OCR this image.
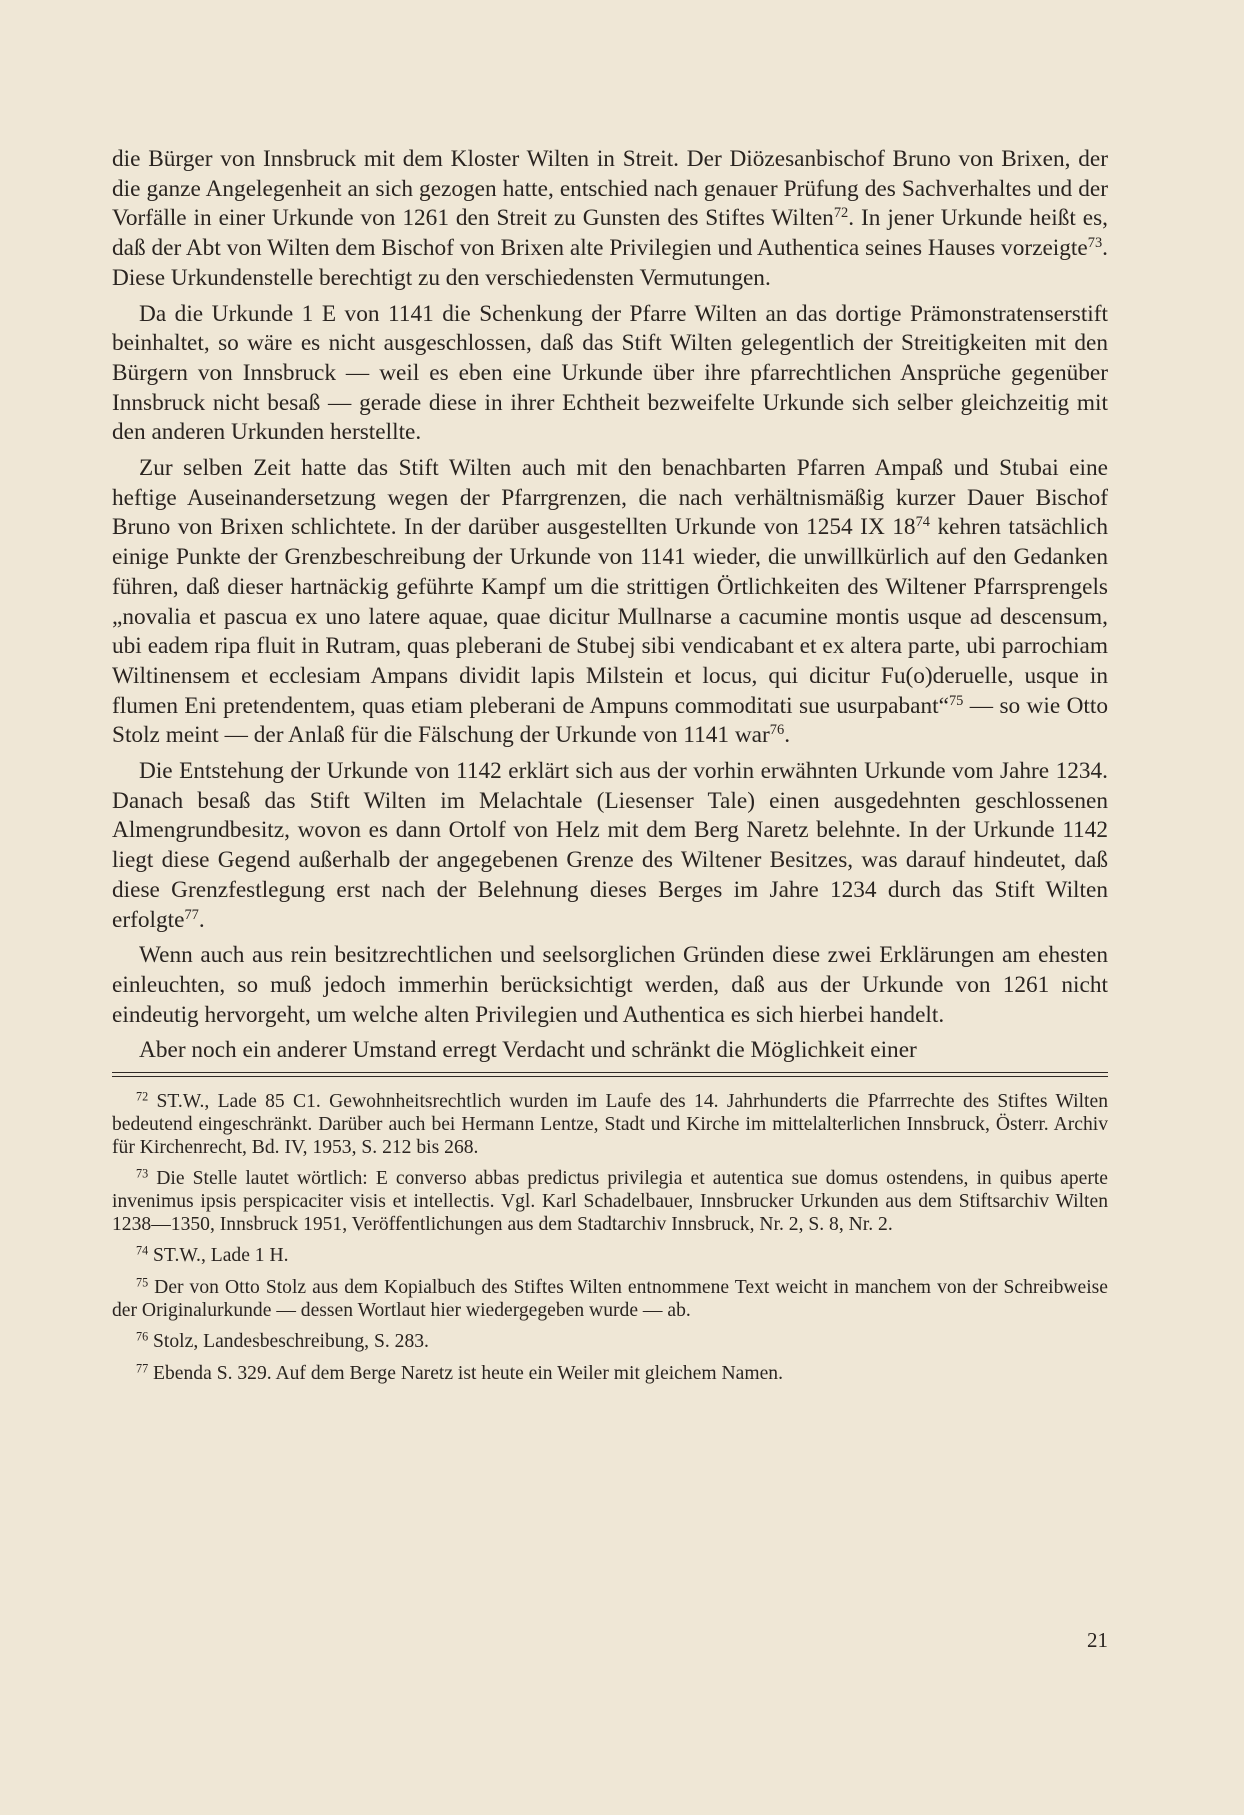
die Bürger von Innsbruck mit dem Kloster Wilten in Streit. Der Diözesanbischof Bruno von Brixen, der die ganze Angelegenheit an sich gezogen hatte, entschied nach genauer Prüfung des Sachverhaltes und der Vorfälle in einer Urkunde von 1261 den Streit zu Gunsten des Stiftes Wilten$^{72}$. In jener Urkunde heißt es, daß der Abt von Wilten dem Bischof von Brixen alte Privilegien und Authentica seines Hauses vorzeigte$^{73}$. Diese Urkundenstelle berechtigt zu den verschiedensten Vermutungen.

Da die Urkunde 1 E von 1141 die Schenkung der Pfarre Wilten an das dortige Prämonstratenserstift beinhaltet, so wäre es nicht ausgeschlossen, daß das Stift Wilten gelegentlich der Streitigkeiten mit den Bürgern von Innsbruck — weil es eben eine Urkunde über ihre pfarrechtlichen Ansprüche gegenüber Innsbruck nicht besaß — gerade diese in ihrer Echtheit bezweifelte Urkunde sich selber gleichzeitig mit den anderen Urkunden herstellte.

Zur selben Zeit hatte das Stift Wilten auch mit den benachbarten Pfarren Ampaß und Stubai eine heftige Auseinandersetzung wegen der Pfarrgrenzen, die nach verhältnismäßig kurzer Dauer Bischof Bruno von Brixen schlichtete. In der darüber ausgestellten Urkunde von 1254 IX $18^{74}$ kehren tatsächlich einige Punkte der Grenzbeschreibung der Urkunde von 1141 wieder, die unwillkürlich auf den Gedanken führen, daß dieser hartnäckig geführte Kampf um die strittigen Örtlichkeiten des Wiltener Pfarrsprengels „novalia et pascua ex uno latere aquae, quae dicitur Mullnarse a cacumine montis usque ad descensum, ubi eadem ripa fluit in Rutram, quas pleberani de Stubej sibi vendicabant et ex altera parte, ubi parrochiam Wiltinensem et ecclesiam Ampans dividit lapis Milstein et locus, qui dicitur Fu(o)deruelle, usque in flumen Eni pretendentem, quas etiam pleberani de Ampuns commoditati sue usurpabant“$^{75}$ — so wie Otto Stolz meint — der Anlaß für die Fälschung der Urkunde von 1141 war$^{76}$.

Die Entstehung der Urkunde von 1142 erklärt sich aus der vorhin erwähnten Urkunde vom Jahre 1234. Danach besaß das Stift Wilten im Melachtale (Liesenser Tale) einen ausgedehnten geschlossenen Almengrundbesitz, wovon es dann Ortolf von Helz mit dem Berg Naretz belehnte. In der Urkunde 1142 liegt diese Gegend außerhalb der angegebenen Grenze des Wiltener Besitzes, was darauf hindeutet, daß diese Grenzfestlegung erst nach der Belehnung dieses Berges im Jahre 1234 durch das Stift Wilten erfolgte$^{77}$.

Wenn auch aus rein besitzrechtlichen und seelsorglichen Gründen diese zwei Erklärungen am ehesten einleuchten, so muß jedoch immerhin berücksichtigt werden, daß aus der Urkunde von 1261 nicht eindeutig hervorgeht, um welche alten Privilegien und Authentica es sich hierbei handelt.

Aber noch ein anderer Umstand erregt Verdacht und schränkt die Möglichkeit einer

$^{72}$ ST.W., Lade 85 C1. Gewohnheitsrechtlich wurden im Laufe des 14. Jahrhunderts die Pfarrrechte des Stiftes Wilten bedeutend eingeschränkt. Darüber auch bei Hermann Lentze, Stadt und Kirche im mittelalterlichen Innsbruck, Österr. Archiv für Kirchenrecht, Bd. IV, 1953, S. 212 bis 268.

$^{73}$ Die Stelle lautet wörtlich: E converso abbas predictus privilegia et autentica sue domus ostendens, in quibus aperte invenimus ipsis perspicaciter visis et intellectis. Vgl. Karl Schadelbauer, Innsbrucker Urkunden aus dem Stiftsarchiv Wilten 1238—1350, Innsbruck 1951, Veröffentlichungen aus dem Stadtarchiv Innsbruck, Nr. 2, S. 8, Nr. 2.

$^{74}$ ST.W., Lade 1 H.

$^{75}$ Der von Otto Stolz aus dem Kopialbuch des Stiftes Wilten entnommene Text weicht in manchem von der Schreibweise der Originalurkunde — dessen Wortlaut hier wiedergegeben wurde — ab.

$^{76}$ Stolz, Landesbeschreibung, S. 283.

$^{77}$ Ebenda S. 329. Auf dem Berge Naretz ist heute ein Weiler mit gleichem Namen.

21
